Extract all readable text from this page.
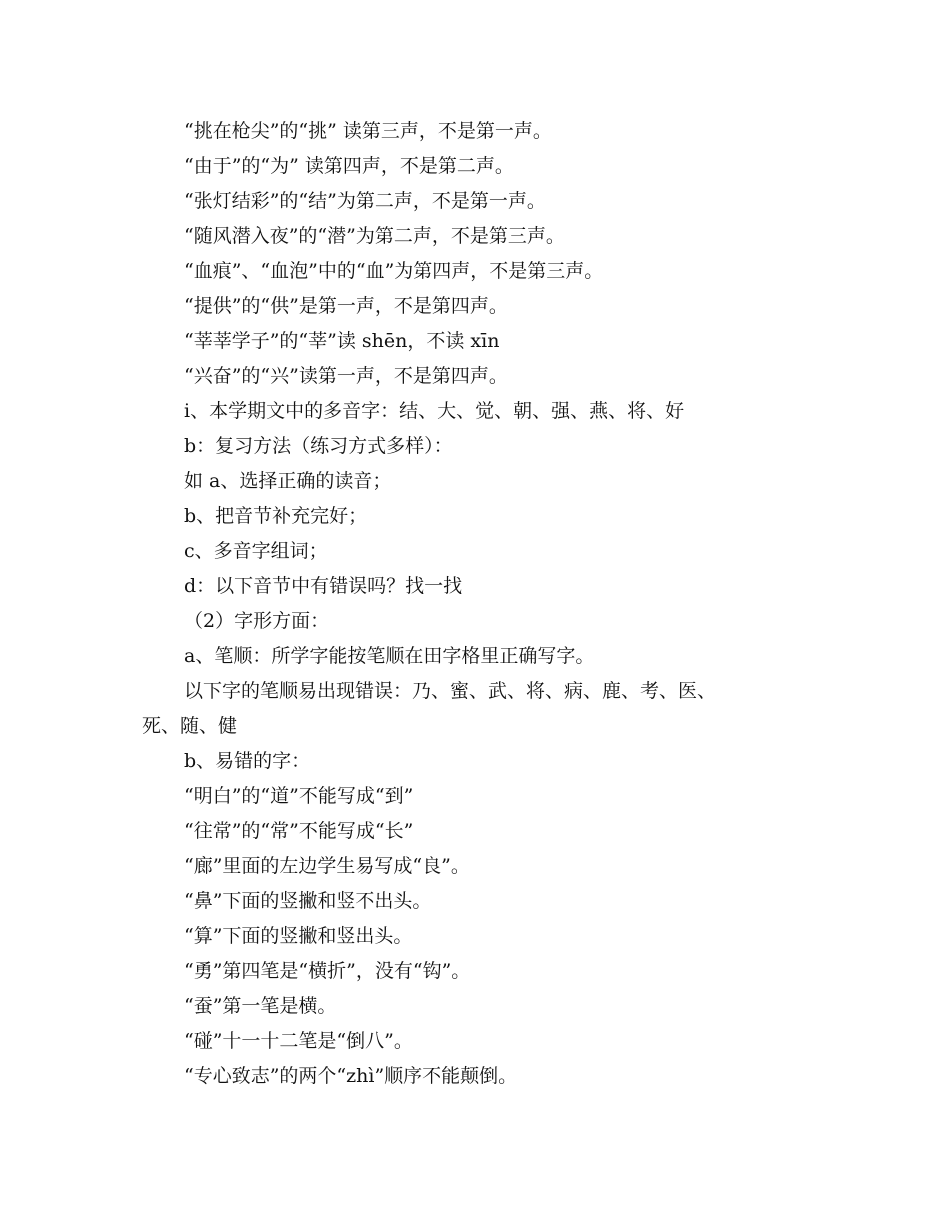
“挑在枪尖”的“挑” 读第三声，不是第一声。
“由于”的“为” 读第四声，不是第二声。
“张灯结彩”的“结”为第二声，不是第一声。
“随风潜入夜”的“潜”为第二声，不是第三声。
“血痕”、“血泡”中的“血”为第四声，不是第三声。
“提供”的“供”是第一声，不是第四声。
“莘莘学子”的“莘”读 shēn，不读 xīn
“兴奋”的“兴”读第一声，不是第四声。
i、本学期文中的多音字：结、大、觉、朝、强、燕、将、好
b：复习方法（练习方式多样）：
如 a、选择正确的读音；
b、把音节补充完好；
c、多音字组词；
d：以下音节中有错误吗？找一找
（2）字形方面：
a、笔顺：所学字能按笔顺在田字格里正确写字。
以下字的笔顺易出现错误：乃、蜜、武、将、病、鹿、考、医、
死、随、健
b、易错的字：
“明白”的“道”不能写成“到”
“往常”的“常”不能写成“长”
“廊”里面的左边学生易写成“良”。
“鼻”下面的竖撇和竖不出头。
“算”下面的竖撇和竖出头。
“勇”第四笔是“横折”，没有“钩”。
“蚕”第一笔是横。
“碰”十一十二笔是“倒八”。
“专心致志”的两个“zhì”顺序不能颠倒。
